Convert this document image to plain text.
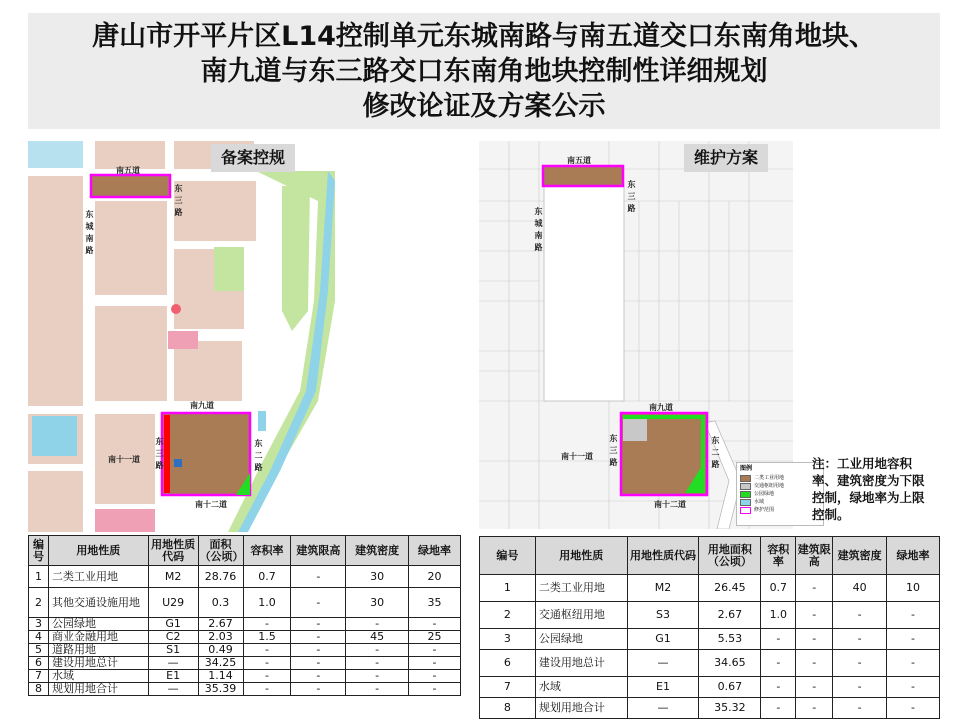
唐山市开平片区L14控制单元东城南路与南五道交口东南角地块、
南九道与东三路交口东南角地块控制性详细规划
修改论证及方案公示
备案控规
南五道
东三路
东城南路
南九道
南十一道
东三路
东二路
南十二道
维护方案
南五道
东三路
东城南路
南九道
南十一道
东三路
东二路
南十二道
图例
二类工业用地
交通枢纽用地
公园绿地
水域
修护范围
注：工业用地容积率、建筑密度为下限控制，绿地率为上限控制。
编号	用地性质	用地性质代码	面积（公顷）	容积率	建筑限高	建筑密度	绿地率
1	二类工业用地	M2	28.76	0.7	-	30	20
2	其他交通设施用地	U29	0.3	1.0	-	30	35
3	公园绿地	G1	2.67	-	-	-	-
4	商业金融用地	C2	2.03	1.5	-	45	25
5	道路用地	S1	0.49	-	-	-	-
6	建设用地总计	—	34.25	-	-	-	-
7	水域	E1	1.14	-	-	-	-
8	规划用地合计	—	35.39	-	-	-	-
编号	用地性质	用地性质代码	用地面积（公顷）	容积率	建筑限高	建筑密度	绿地率
1	二类工业用地	M2	26.45	0.7	-	40	10
2	交通枢纽用地	S3	2.67	1.0	-	-	-
3	公园绿地	G1	5.53	-	-	-	-
6	建设用地总计	—	34.65	-	-	-	-
7	水域	E1	0.67	-	-	-	-
8	规划用地合计	—	35.32	-	-	-	-
